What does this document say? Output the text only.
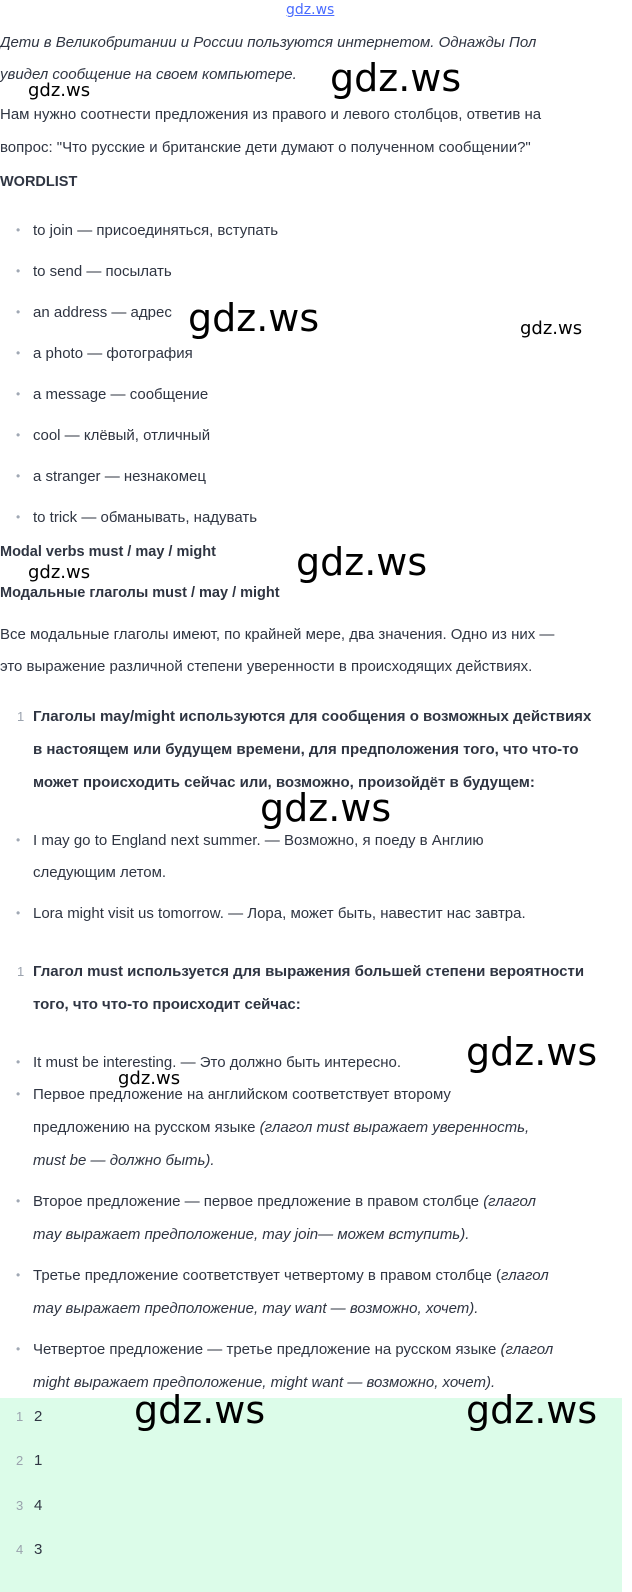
gdz.ws

Дети в Великобритании и России пользуются интернетом. Однажды Пол

увидел сообщение на своем компьютере.

Нам нужно соотнести предложения из правого и левого столбцов, ответив на

вопрос: "Что русские и британские дети думают о полученном сообщении?"

WORDLIST
• to join — присоединяться, вступать
• to send — посылать
• an address — адрес
• a photo — фотография
• a message — сообщение
• cool — клёвый, отличный
• a stranger — незнакомец
• to trick — обманывать, надувать
Modal verbs must / may / might
Модальные глаголы must / may / might

Все модальные глаголы имеют, по крайней мере, два значения. Одно из них —

это выражение различной степени уверенности в происходящих действиях.

1 Глаголы may/might используются для сообщения о возможных действиях
в настоящем или будущем времени, для предположения того, что что-то
может происходить сейчас или, возможно, произойдёт в будущем:
• I may go to England next summer. — Возможно, я поеду в Англию
следующим летом.
• Lora might visit us tomorrow. — Лора, может быть, навестит нас завтра.
1 Глагол must используется для выражения большей степени вероятности
того, что что-то происходит сейчас:
• It must be interesting. — Это должно быть интересно.
• Первое предложение на английском соответствует второму
предложению на русском языке (глагол must выражает уверенность,
must be — должно быть).
• Второе предложение — первое предложение в правом столбце (глагол
may выражает предположение, may join— можем вступить).
• Третье предложение соответствует четвертому в правом столбце (глагол
may выражает предположение, may want — возможно, хочет).
• Четвертое предложение — третье предложение на русском языке (глагол
might выражает предположение, might want — возможно, хочет).
1 2
2 1
3 4
4 3
gdz.ws
gdz.ws
gdz.ws	gdz.ws
gdz.ws
gdz.ws
gdz.ws
gdz.ws
gdz.ws
gdz.ws	gdz.ws
